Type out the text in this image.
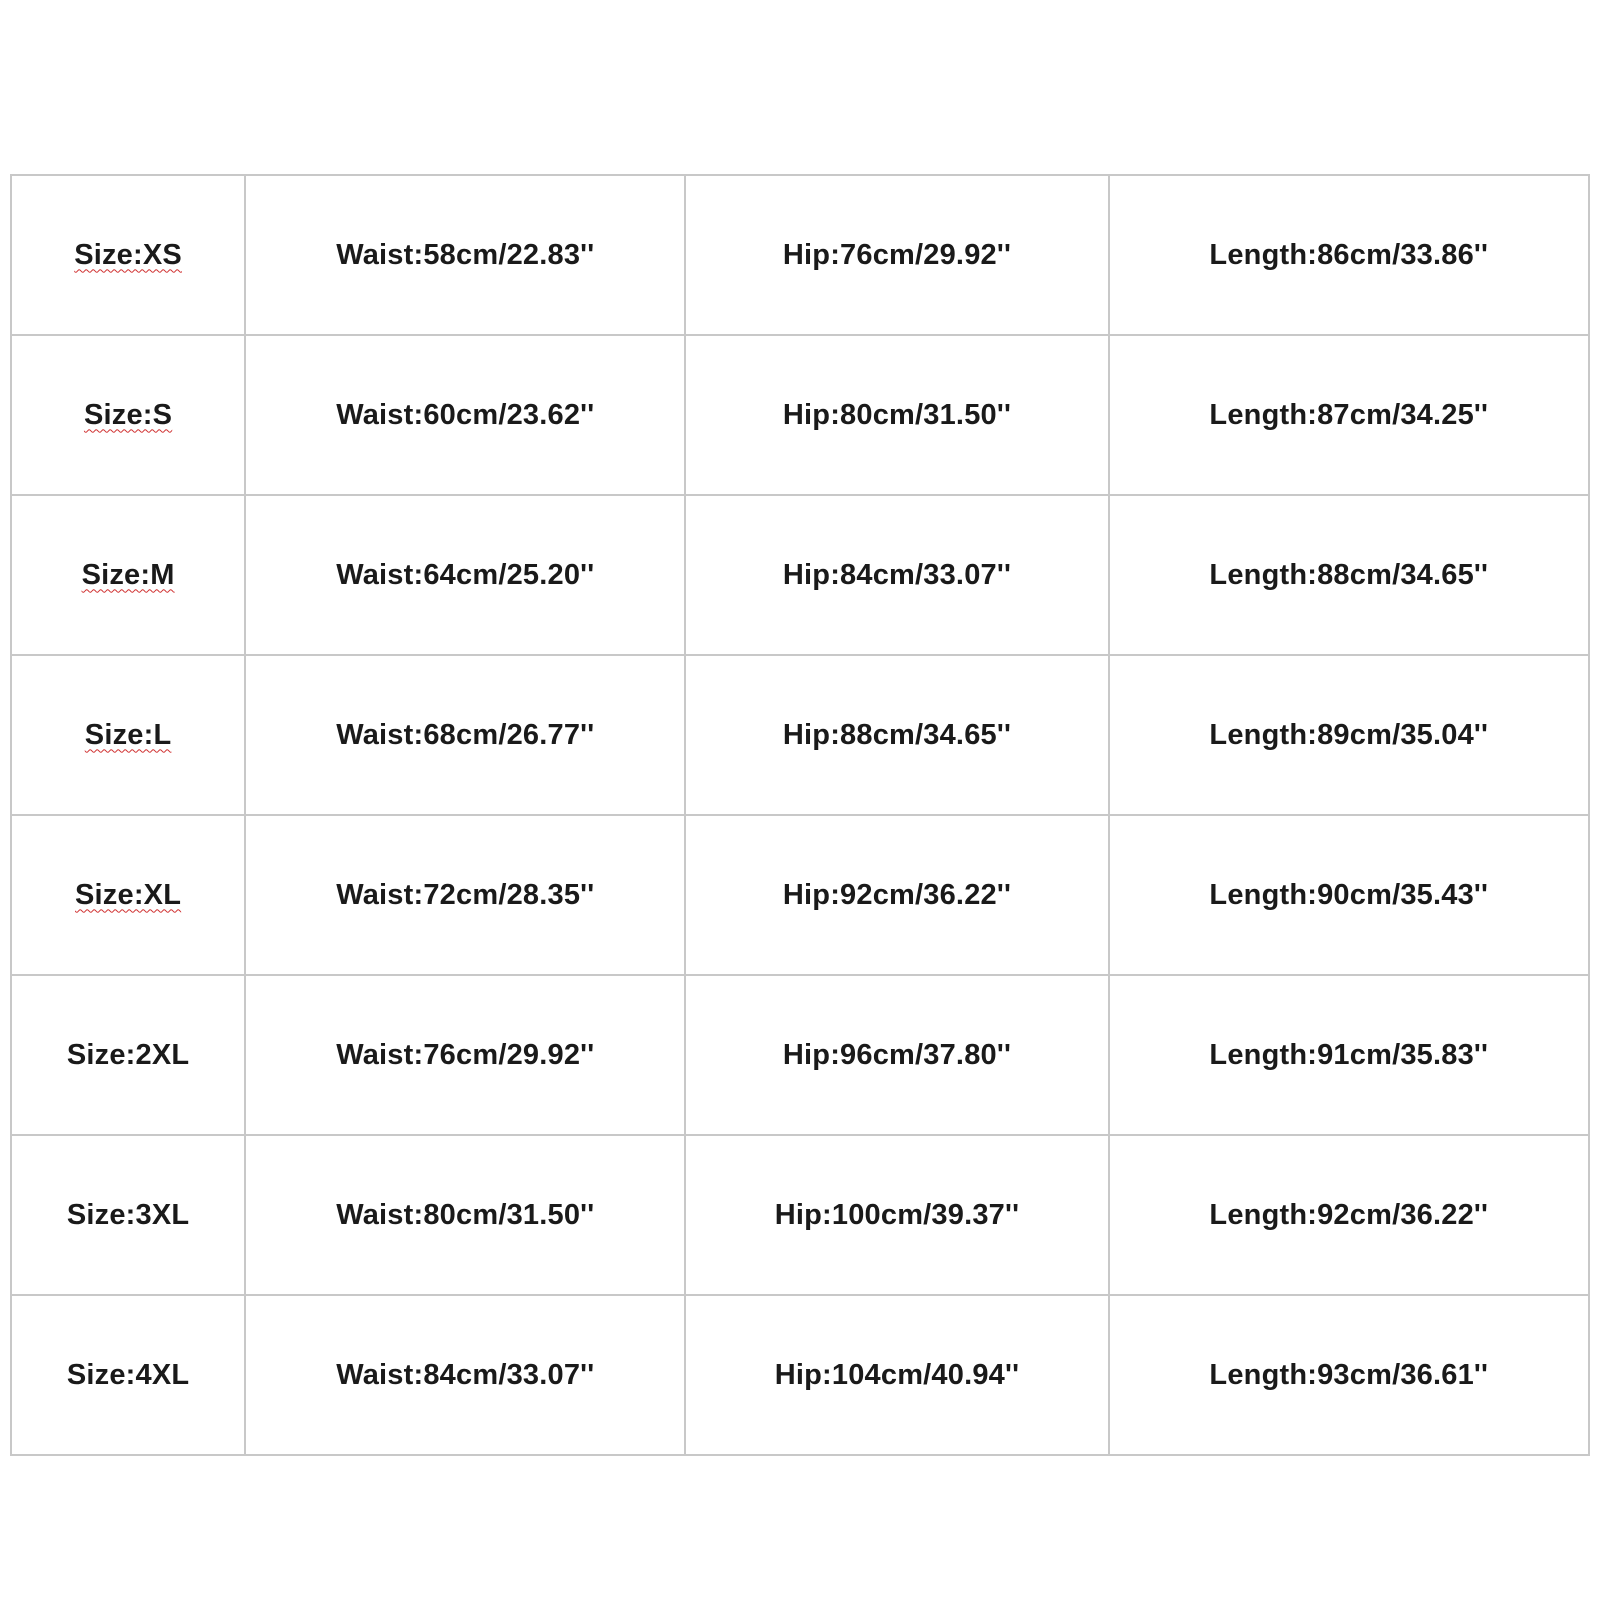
Size:XS	Waist:58cm/22.83''	Hip:76cm/29.92''	Length:86cm/33.86''
Size:S	Waist:60cm/23.62''	Hip:80cm/31.50''	Length:87cm/34.25''
Size:M	Waist:64cm/25.20''	Hip:84cm/33.07''	Length:88cm/34.65''
Size:L	Waist:68cm/26.77''	Hip:88cm/34.65''	Length:89cm/35.04''
Size:XL	Waist:72cm/28.35''	Hip:92cm/36.22''	Length:90cm/35.43''
Size:2XL	Waist:76cm/29.92''	Hip:96cm/37.80''	Length:91cm/35.83''
Size:3XL	Waist:80cm/31.50''	Hip:100cm/39.37''	Length:92cm/36.22''
Size:4XL	Waist:84cm/33.07''	Hip:104cm/40.94''	Length:93cm/36.61''
